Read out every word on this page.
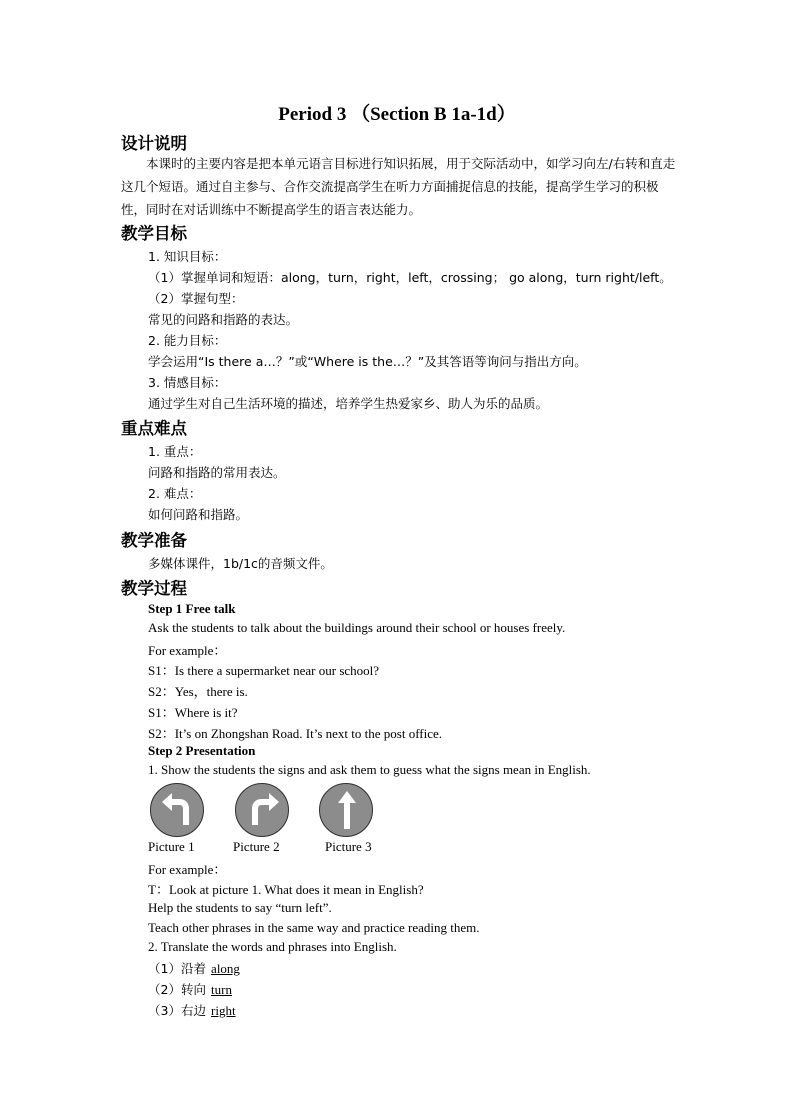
Period 3 （Section B 1a-1d）
设计说明
本课时的主要内容是把本单元语言目标进行知识拓展，用于交际活动中，如学习向左/右转和直走这几个短语。通过自主参与、合作交流提高学生在听力方面捕捉信息的技能，提高学生学习的积极性，同时在对话训练中不断提高学生的语言表达能力。
教学目标
1. 知识目标：
（1）掌握单词和短语：along，turn，right，left，crossing； go along，turn right/left。
（2）掌握句型：
常见的问路和指路的表达。
2. 能力目标：
学会运用“Is there a…？”或“Where is the…？”及其答语等询问与指出方向。
3. 情感目标：
通过学生对自己生活环境的描述，培养学生热爱家乡、助人为乐的品质。
重点难点
1. 重点：
问路和指路的常用表达。
2. 难点：
如何问路和指路。
教学准备
多媒体课件，1b/1c的音频文件。
教学过程
Step 1 Free talk
Ask the students to talk about the buildings around their school or houses freely.
For example：
S1：Is there a supermarket near our school?
S2：Yes，there is.
S1：Where is it?
S2：It’s on Zhongshan Road. It’s next to the post office.
Step 2 Presentation
1. Show the students the signs and ask them to guess what the signs mean in English.
Picture 1	Picture 2	Picture 3
For example：
T：Look at picture 1. What does it mean in English?
Help the students to say “turn left”.
Teach other phrases in the same way and practice reading them.
2. Translate the words and phrases into English.
（1）沿着 along
（2）转向 turn
（3）右边 right
